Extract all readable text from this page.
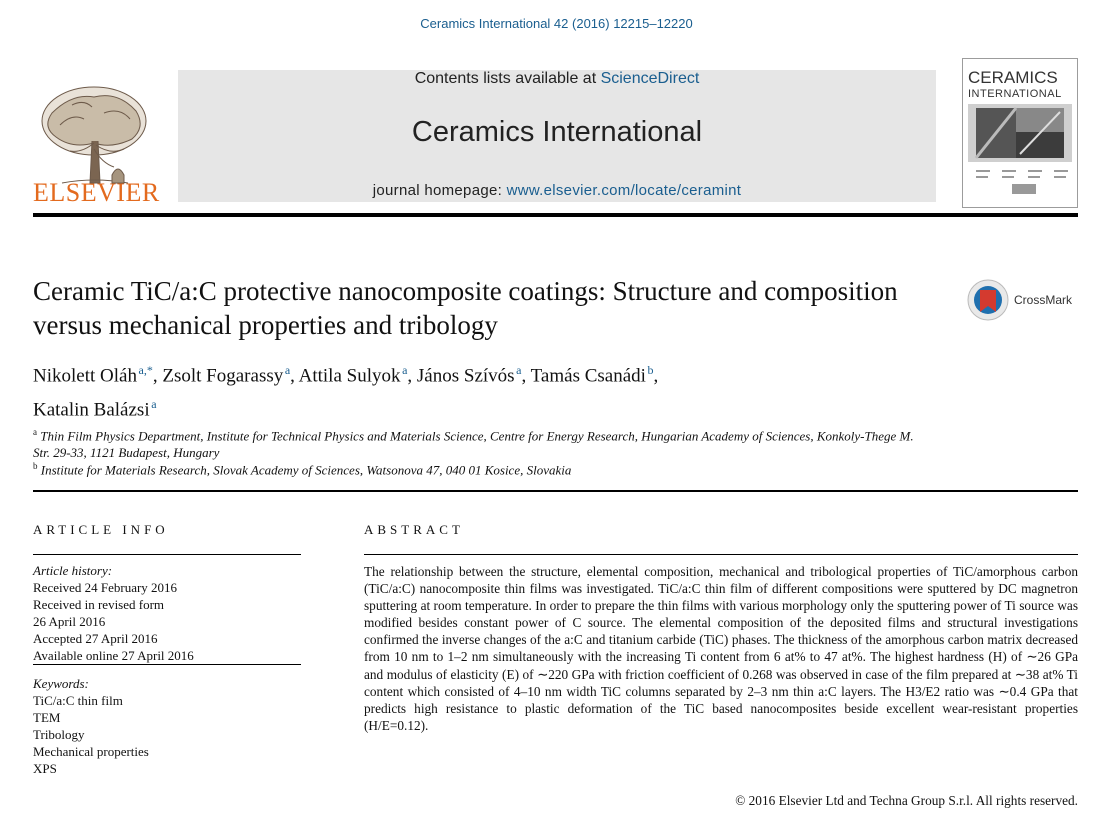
Ceramics International 42 (2016) 12215–12220
ELSEVIER
Contents lists available at ScienceDirect
Ceramics International
journal homepage: www.elsevier.com/locate/ceramint
CERAMICS
INTERNATIONAL
Ceramic TiC/a:C protective nanocomposite coatings: Structure and composition versus mechanical properties and tribology
CrossMark
Nikolett Oláh  $^{a,*}$, Zsolt Fogarassy  $^a$, Attila Sulyok  $^a$, János Szívós  $^a$, Tamás Csanádi  $^b$,
Katalin Balázsi  $^a$
$^a$ Thin Film Physics Department, Institute for Technical Physics and Materials Science, Centre for Energy Research, Hungarian Academy of Sciences, Konkoly-Thege M. Str. 29-33, 1121 Budapest, Hungary
$^b$ Institute for Materials Research, Slovak Academy of Sciences, Watsonova 47, 040 01 Kosice, Slovakia
ARTICLE INFO
Article history:
Received 24 February 2016
Received in revised form
26 April 2016
Accepted 27 April 2016
Available online 27 April 2016
Keywords:
TiC/a:C thin film
TEM
Tribology
Mechanical properties
XPS
ABSTRACT
The relationship between the structure, elemental composition, mechanical and tribological properties of TiC/amorphous carbon (TiC/a:C) nanocomposite thin films was investigated. TiC/a:C thin film of different compositions were sputtered by DC magnetron sputtering at room temperature. In order to prepare the thin films with various morphology only the sputtering power of Ti source was modified besides constant power of C source. The elemental composition of the deposited films and structural investigations confirmed the inverse changes of the a:C and titanium carbide (TiC) phases. The thickness of the amorphous carbon matrix decreased from 10 nm to 1–2 nm simultaneously with the increasing Ti content from 6 at% to 47 at%. The highest hardness (H) of ∼26 GPa and modulus of elasticity (E) of ∼220 GPa with friction coefficient of 0.268 was observed in case of the film prepared at ∼38 at% Ti content which consisted of 4–10 nm width TiC columns separated by 2–3 nm thin a:C layers. The H3/E2 ratio was ∼0.4 GPa that predicts high resistance to plastic deformation of the TiC based nanocomposites beside excellent wear-resistant properties (H/E=0.12).
© 2016 Elsevier Ltd and Techna Group S.r.l. All rights reserved.
